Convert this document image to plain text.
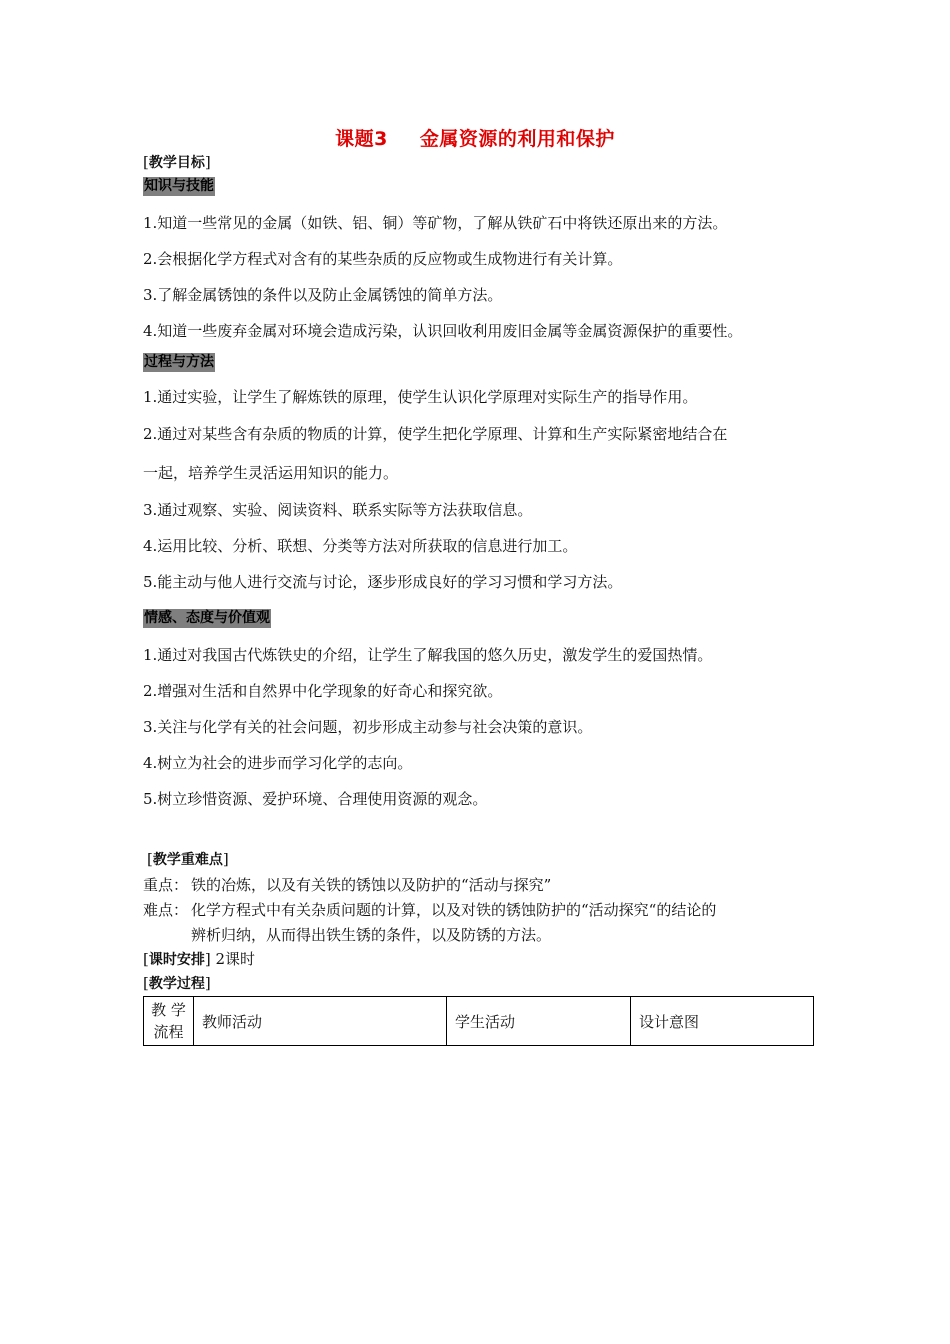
课题3 金属资源的利用和保护
[教学目标]
知识与技能
1.知道一些常见的金属（如铁、铝、铜）等矿物，了解从铁矿石中将铁还原出来的方法。
2.会根据化学方程式对含有的某些杂质的反应物或生成物进行有关计算。
3.了解金属锈蚀的条件以及防止金属锈蚀的简单方法。
4.知道一些废弃金属对环境会造成污染，认识回收利用废旧金属等金属资源保护的重要性。
过程与方法
1.通过实验，让学生了解炼铁的原理，使学生认识化学原理对实际生产的指导作用。
2.通过对某些含有杂质的物质的计算，使学生把化学原理、计算和生产实际紧密地结合在
一起，培养学生灵活运用知识的能力。
3.通过观察、实验、阅读资料、联系实际等方法获取信息。
4.运用比较、分析、联想、分类等方法对所获取的信息进行加工。
5.能主动与他人进行交流与讨论，逐步形成良好的学习习惯和学习方法。
情感、态度与价值观
1.通过对我国古代炼铁史的介绍，让学生了解我国的悠久历史，激发学生的爱国热情。
2.增强对生活和自然界中化学现象的好奇心和探究欲。
3.关注与化学有关的社会问题，初步形成主动参与社会决策的意识。
4.树立为社会的进步而学习化学的志向。
5.树立珍惜资源、爱护环境、合理使用资源的观念。
[教学重难点]
重点： 铁的冶炼，以及有关铁的锈蚀以及防护的“活动与探究”
难点： 化学方程式中有关杂质问题的计算，以及对铁的锈蚀防护的“活动探究“的结论的
辨析归纳，从而得出铁生锈的条件，以及防锈的方法。
[课时安排] 2课时
[教学过程]
教 学
流程
	教师活动	学生活动	设计意图
